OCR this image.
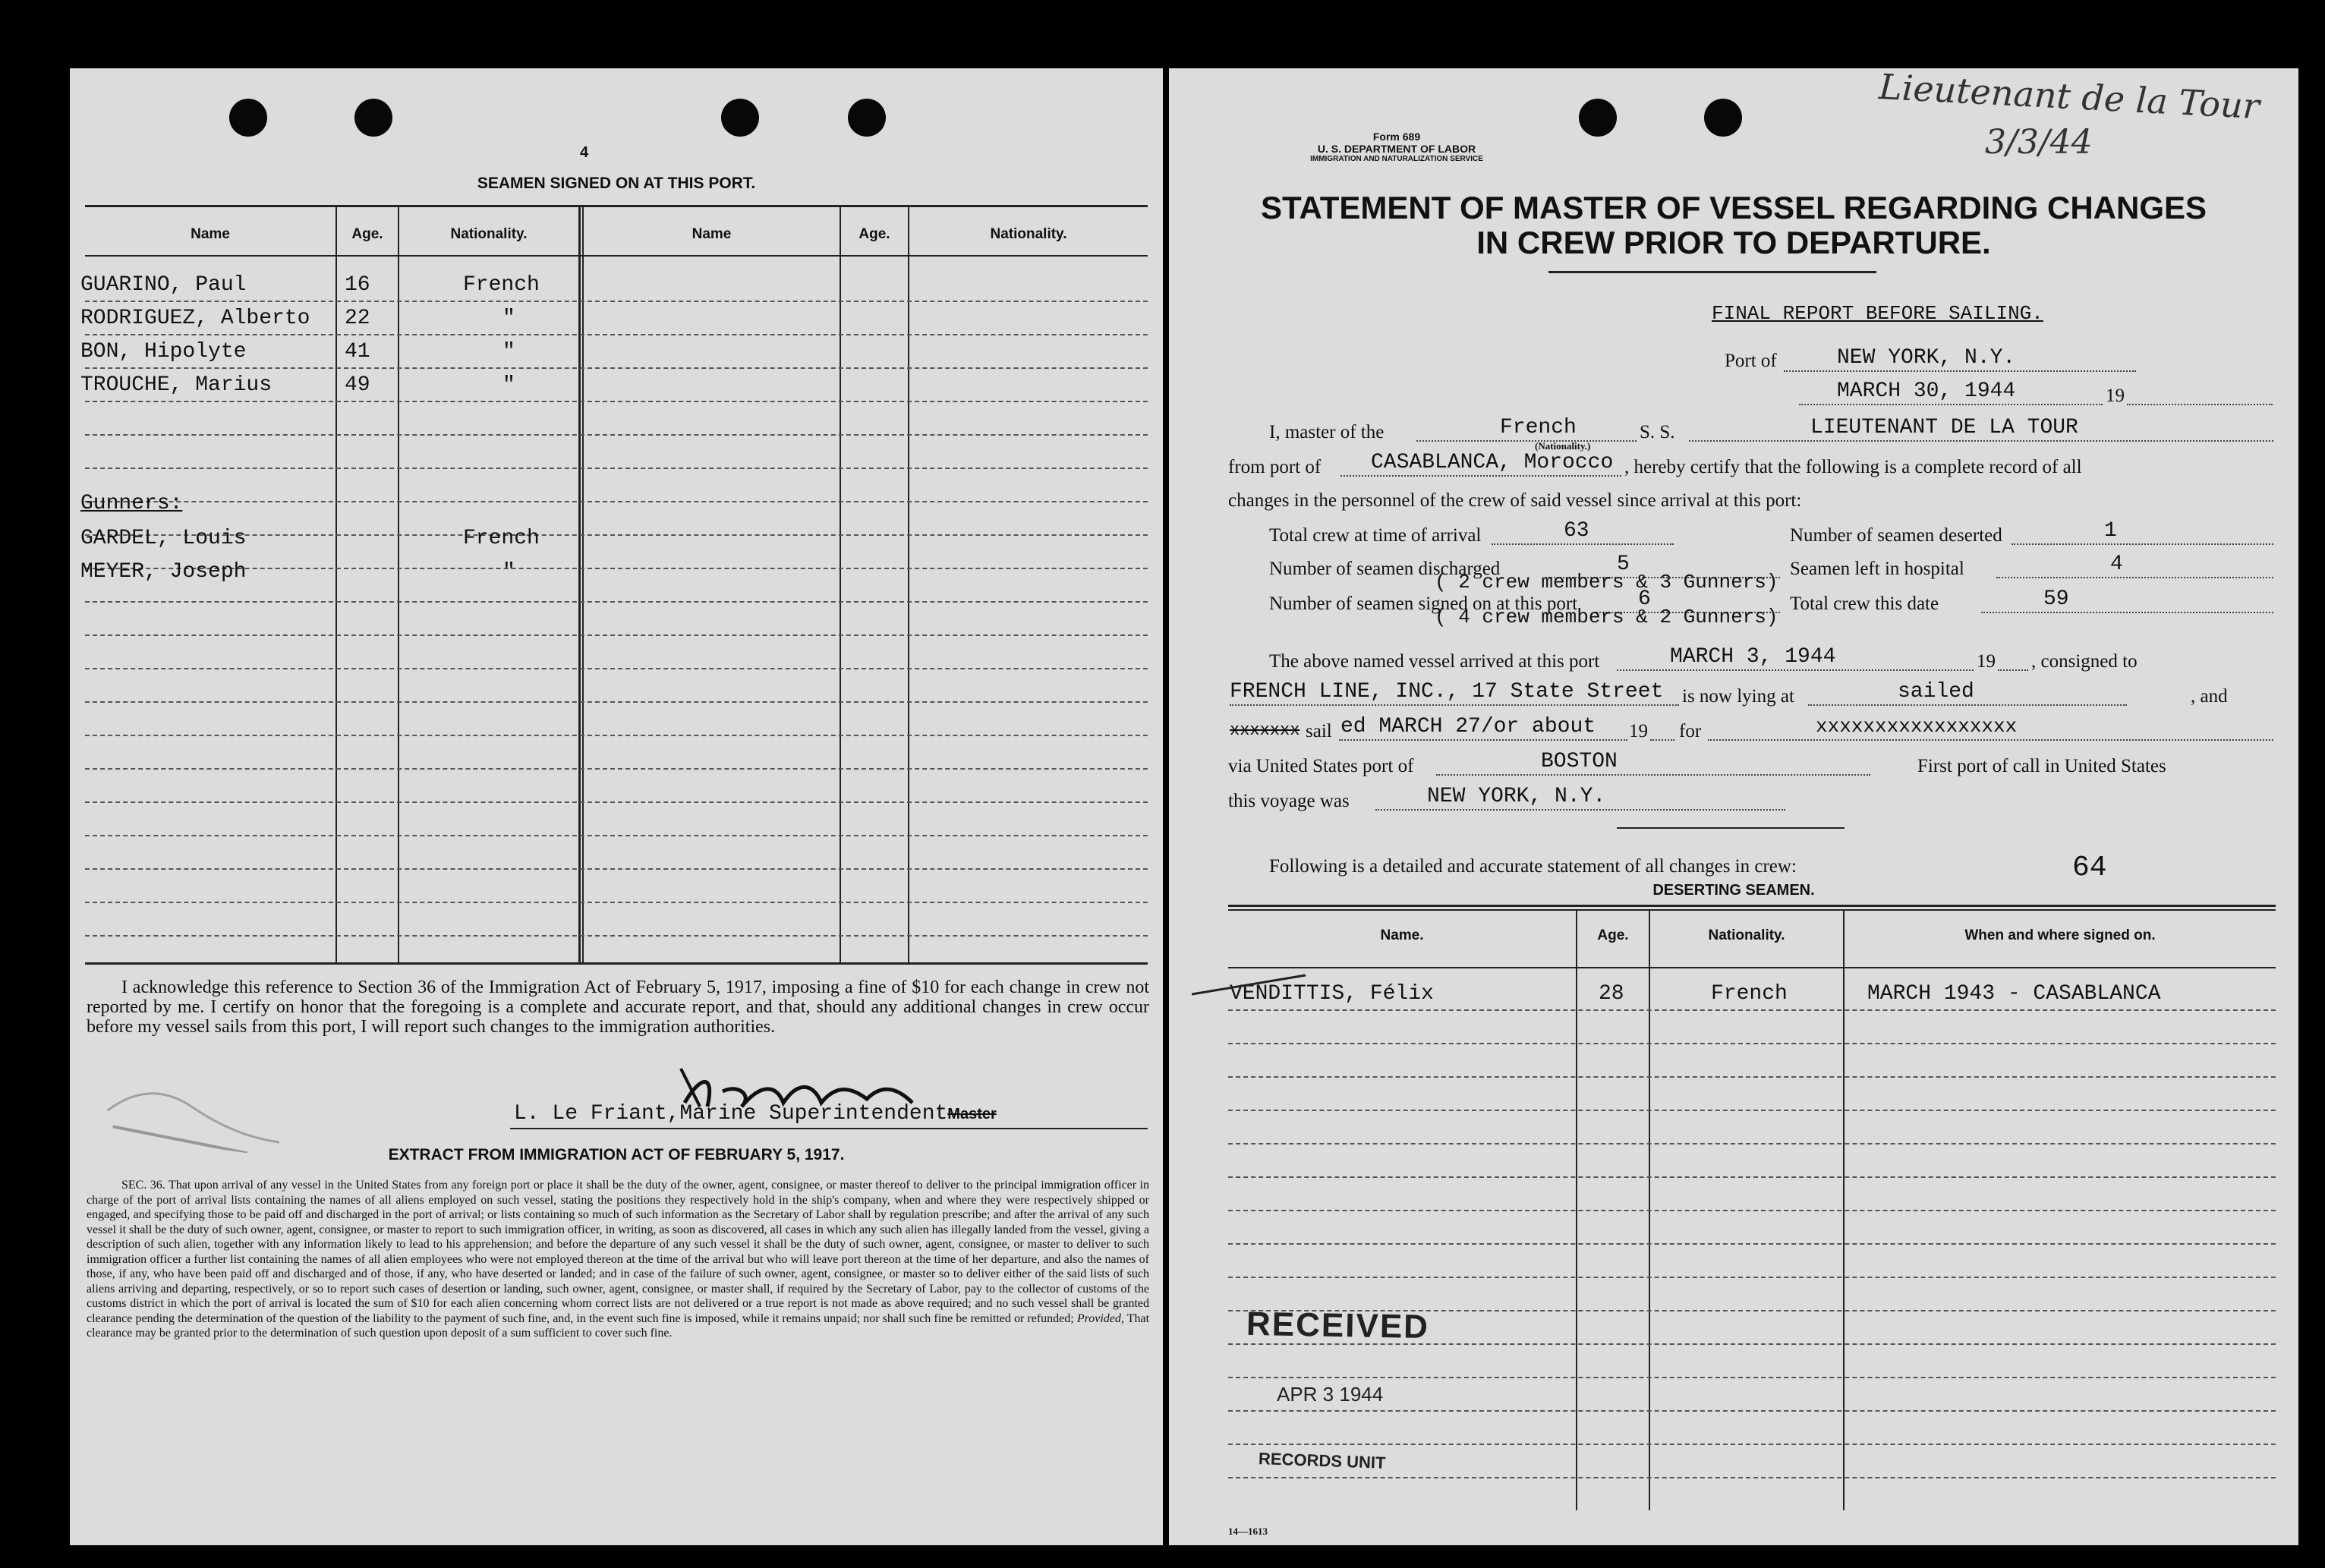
4
SEAMEN SIGNED ON AT THIS PORT.
Name	Age.	Nationality.	Name	Age.	Nationality.
GUARINO, Paul	16	French
RODRIGUEZ, Alberto 22	"
BON, Hipolyte	41	"
TROUCHE, Marius	49	"
Gunners:
GARDEL, Louis	French
MEYER, Joseph	"
I acknowledge this reference to Section 36 of the Immigration Act of February 5, 1917, imposing a fine of $10 for each change in crew not reported by me. I certify on honor that the foregoing is a complete and accurate report, and that, should any additional changes in crew occur before my vessel sails from this port, I will report such changes to the immigration authorities.
L. Le Friant,Marine SuperintendentMaster
EXTRACT FROM IMMIGRATION ACT OF FEBRUARY 5, 1917.
SEC. 36. That upon arrival of any vessel in the United States from any foreign port or place it shall be the duty of the owner, agent, consignee, or master thereof to deliver to the principal immigration officer in charge of the port of arrival lists containing the names of all aliens employed on such vessel, stating the positions they respectively hold in the ship's company, when and where they were respectively shipped or engaged, and specifying those to be paid off and discharged in the port of arrival; or lists containing so much of such information as the Secretary of Labor shall by regulation prescribe; and after the arrival of any such vessel it shall be the duty of such owner, agent, consignee, or master to report to such immigration officer, in writing, as soon as discovered, all cases in which any such alien has illegally landed from the vessel, giving a description of such alien, together with any information likely to lead to his apprehension; and before the departure of any such vessel it shall be the duty of such owner, agent, consignee, or master to deliver to such immigration officer a further list containing the names of all alien employees who were not employed thereon at the time of the arrival but who will leave port thereon at the time of her departure, and also the names of those, if any, who have been paid off and discharged and of those, if any, who have deserted or landed; and in case of the failure of such owner, agent, consignee, or master so to deliver either of the said lists of such aliens arriving and departing, respectively, or so to report such cases of desertion or landing, such owner, agent, consignee, or master shall, if required by the Secretary of Labor, pay to the collector of customs of the customs district in which the port of arrival is located the sum of $10 for each alien concerning whom correct lists are not delivered or a true report is not made as above required; and no such vessel shall be granted clearance pending the determination of the question of the liability to the payment of such fine, and, in the event such fine is imposed, while it remains unpaid; nor shall such fine be remitted or refunded; Provided, That clearance may be granted prior to the determination of such question upon deposit of a sum sufficient to cover such fine.
Form 689
U. S. DEPARTMENT OF LABOR
IMMIGRATION AND NATURALIZATION SERVICE
STATEMENT OF MASTER OF VESSEL REGARDING CHANGES
IN CREW PRIOR TO DEPARTURE.
FINAL REPORT BEFORE SAILING.
Port of	NEW YORK, N.Y.
MARCH 30, 1944	19
I, master of the	French
(Nationality.)
S. S.	LIEUTENANT DE LA TOUR
from port of CASABLANCA, Morocco , hereby certify that the following is a complete record of all
changes in the personnel of the crew of said vessel since arrival at this port:
Total crew at time of arrival	63	Number of seamen deserted	1
Number of seamen discharged	5	Seamen left in hospital	4
( 2 crew members & 3 Gunners)
Number of seamen signed on at this port	6	Total crew this date	59
( 4 crew members & 2 Gunners)
The above named vessel arrived at this port	MARCH 3, 1944	19 , consigned to
FRENCH LINE, INC., 17 State Street is now lying at	sailed	, and
xxxxxxx sail ed MARCH 27/or about 19 for	xxxxxxxxxxxxxxxxx
via United States port of	BOSTON	First port of call in United States
this voyage was	NEW YORK, N.Y.
Following is a detailed and accurate statement of all changes in crew:	64
DESERTING SEAMEN.
Name.	Age.	Nationality.	When and where signed on.
VENDITTIS, Félix	28	French	MARCH 1943 - CASABLANCA
RECEIVED
APR 3 1944
RECORDS UNIT
14—1613
Lieutenant de la Tour
3/3/44
